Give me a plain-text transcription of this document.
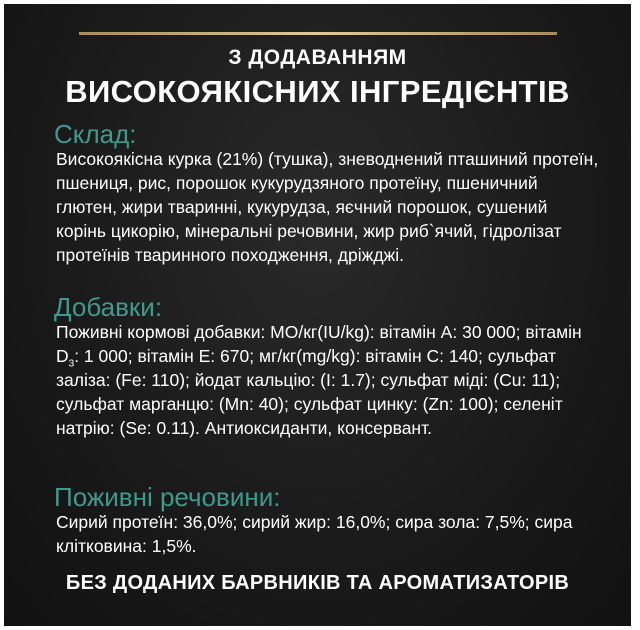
З ДОДАВАННЯМ
ВИСОКОЯКІСНИХ ІНГРЕДІЄНТІВ
Склад:

Високоякісна курка (21%) (тушка), зневоднений пташиний протеїн, пшениця, рис, порошок кукурудзяного протеїну, пшеничний глютен, жири тваринні, кукурудза, яєчний порошок, сушений корінь цикорію, мінеральні речовини, жир риб`ячий, гідролізат протеїнів тваринного походження, дріжджі.

Добавки:

Поживні кормові добавки: МО/кг(IU/kg): вітамін А: 30 000; вітамін $D_3$: 1 000; вітамін Е: 670; мг/кг(mg/kg): вітамін С: 140; сульфат заліза: (Fe: 110); йодат кальцію: (I: 1.7); сульфат міді: (Cu: 11); сульфат марганцю: (Mn: 40); сульфат цинку: (Zn: 100); селеніт натрію: (Se: 0.11). Антиоксиданти, консервант.

Поживні речовини:

Сирий протеїн: 36,0%; сирий жир: 16,0%; сира зола: 7,5%; сира клітковина: 1,5%.

БЕЗ ДОДАНИХ БАРВНИКІВ ТА АРОМАТИЗАТОРІВ
